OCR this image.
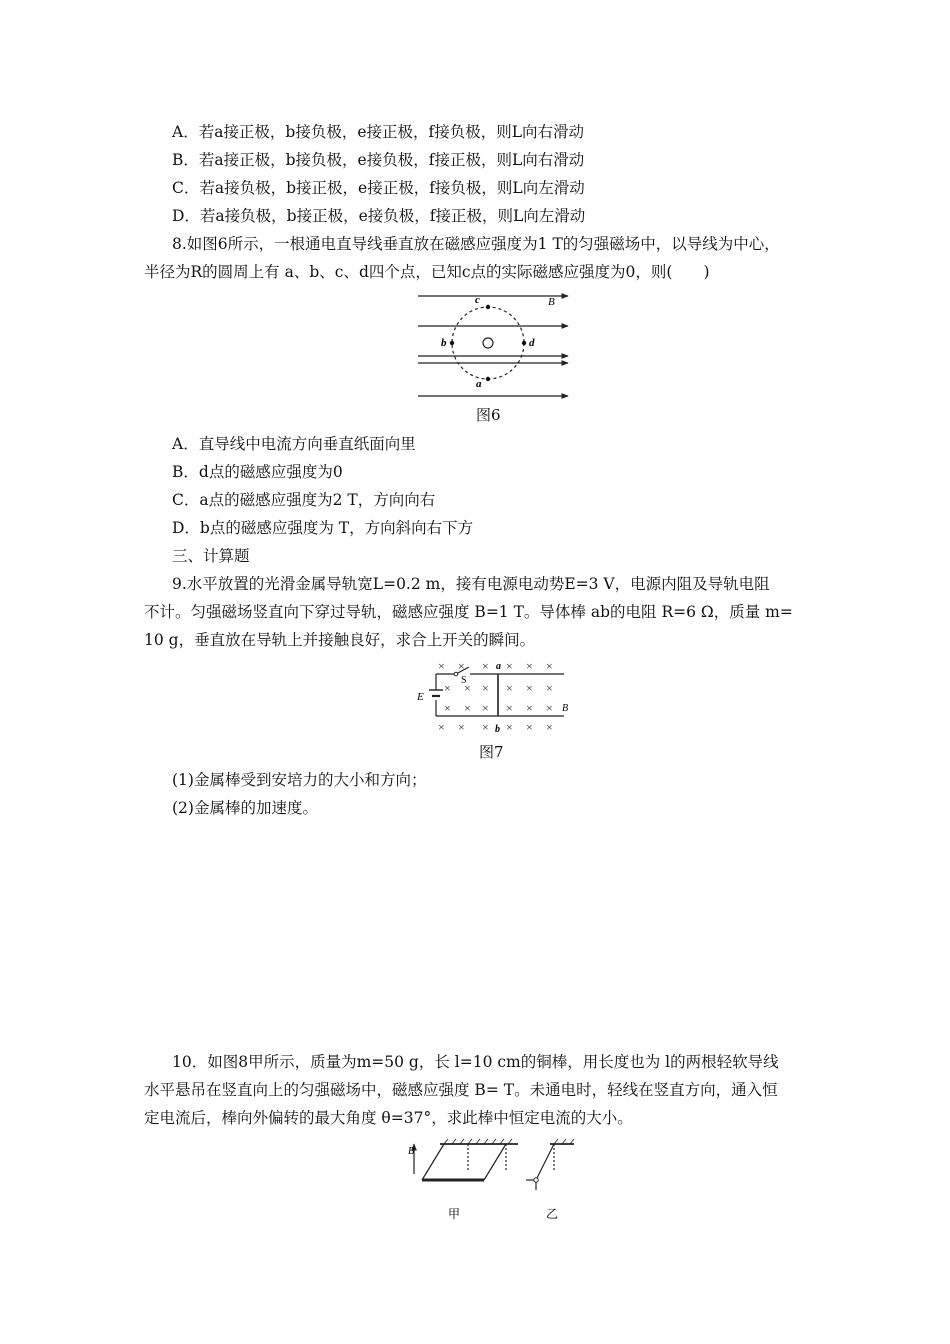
A．若a接正极，b接负极，e接正极，f接负极，则L向右滑动
B．若a接正极，b接负极，e接负极，f接正极，则L向右滑动
C．若a接负极，b接正极，e接正极，f接负极，则L向左滑动
D．若a接负极，b接正极，e接负极，f接正极，则L向左滑动
8.如图6所示，一根通电直导线垂直放在磁感应强度为1 T的匀强磁场中，以导线为中心，
半径为R的圆周上有 a、b、c、d四个点，已知c点的实际磁感应强度为0，则(　　)
c
b	d
a
B
图6
A．直导线中电流方向垂直纸面向里
B．d点的磁感应强度为0
C．a点的磁感应强度为2 T，方向向右
D．b点的磁感应强度为 T，方向斜向右下方
三、计算题
9.水平放置的光滑金属导轨宽L=0.2 m，接有电源电动势E=3 V，电源内阻及导轨电阻
不计。匀强磁场竖直向下穿过导轨，磁感应强度 B=1 T。导体棒 ab的电阻 R=6 Ω，质量 m=
10 g，垂直放在导轨上并接触良好，求合上开关的瞬间。
× × × × × ×
× × × × × ×
× × × × × ×
× × × × × ×
E
S
a
b
B
图7
(1)金属棒受到安培力的大小和方向；
(2)金属棒的加速度。
10．如图8甲所示，质量为m=50 g，长 l=10 cm的铜棒，用长度也为 l的两根轻软导线
水平悬吊在竖直向上的匀强磁场中，磁感应强度 B= T。未通电时，轻线在竖直方向，通入恒
定电流后，棒向外偏转的最大角度 θ=37°，求此棒中恒定电流的大小。
B
甲	乙
